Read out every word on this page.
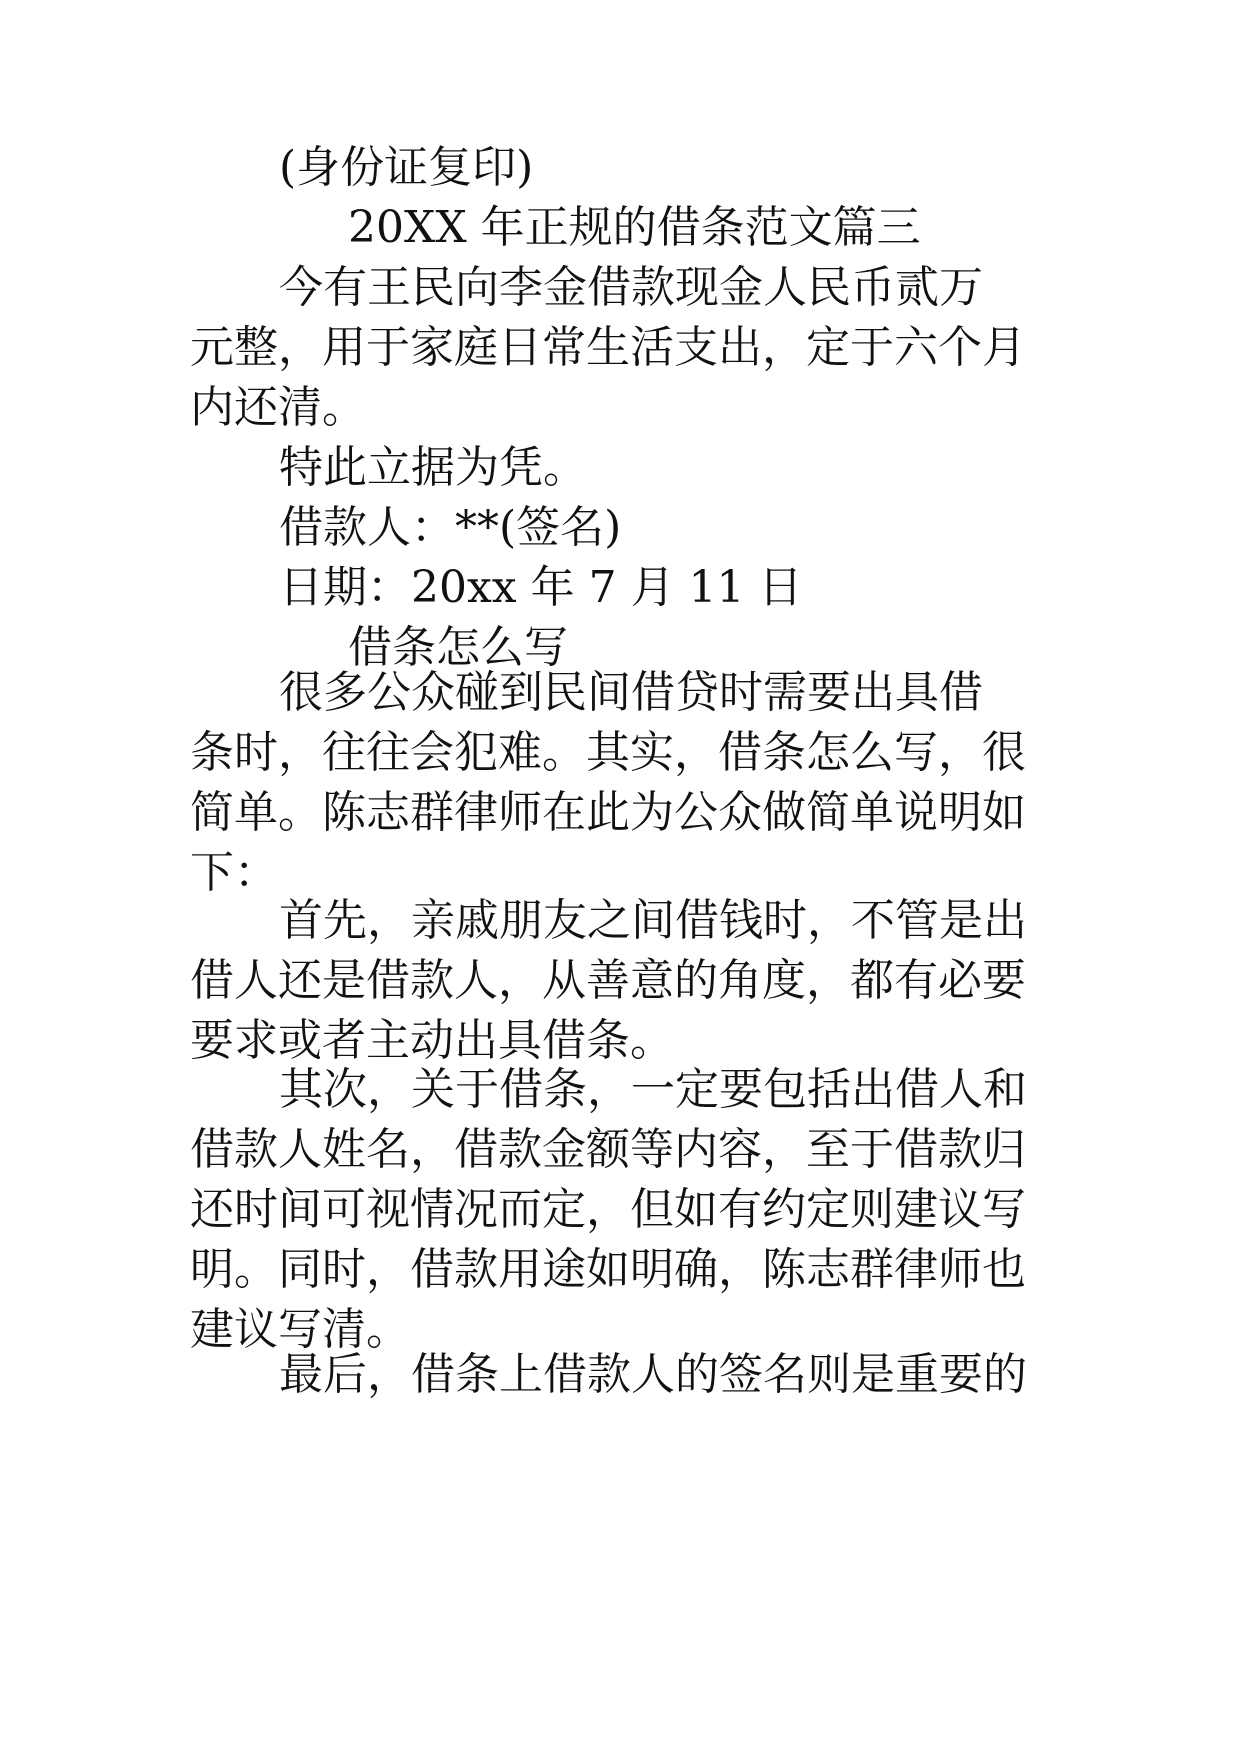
(身份证复印)
20XX 年正规的借条范文篇三
今有王民向李金借款现金人民币贰万
元整，用于家庭日常生活支出，定于六个月
内还清。
特此立据为凭。
借款人：**(签名)
日期：20xx 年 7 月 11 日
借条怎么写
很多公众碰到民间借贷时需要出具借
条时，往往会犯难。其实，借条怎么写，很
简单。陈志群律师在此为公众做简单说明如
下：
首先，亲戚朋友之间借钱时，不管是出
借人还是借款人，从善意的角度，都有必要
要求或者主动出具借条。
其次，关于借条，一定要包括出借人和
借款人姓名，借款金额等内容，至于借款归
还时间可视情况而定，但如有约定则建议写
明。同时，借款用途如明确，陈志群律师也
建议写清。
最后，借条上借款人的签名则是重要的
